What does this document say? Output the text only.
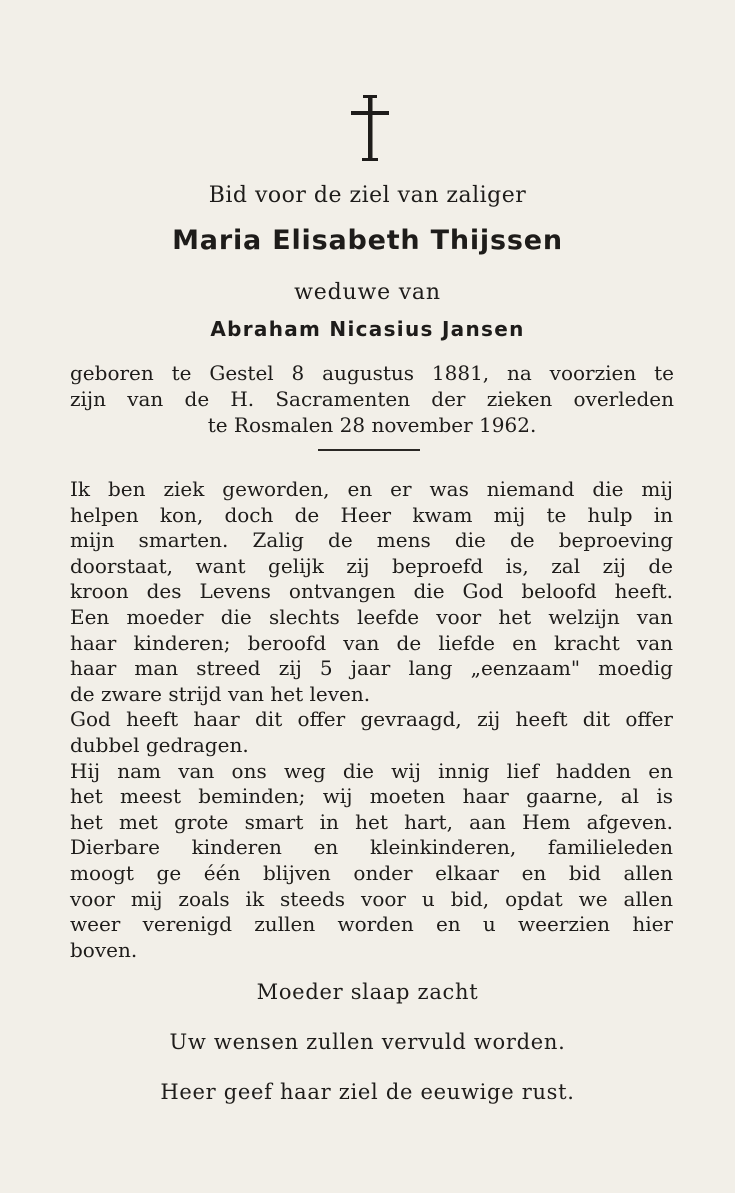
Bid voor de ziel van zaliger
Maria Elisabeth Thijssen
weduwe van
Abraham Nicasius Jansen
geboren te Gestel 8 augustus 1881, na voorzien te
zijn van de H. Sacramenten der zieken overleden
te Rosmalen 28 november 1962.
Ik ben ziek geworden, en er was niemand die mij
helpen kon, doch de Heer kwam mij te hulp in
mijn smarten. Zalig de mens die de beproeving
doorstaat, want gelijk zij beproefd is, zal zij de
kroon des Levens ontvangen die God beloofd heeft.
Een moeder die slechts leefde voor het welzijn van
haar kinderen; beroofd van de liefde en kracht van
haar man streed zij 5 jaar lang „eenzaam" moedig
de zware strijd van het leven.
God heeft haar dit offer gevraagd, zij heeft dit offer
dubbel gedragen.
Hij nam van ons weg die wij innig lief hadden en
het meest beminden; wij moeten haar gaarne, al is
het met grote smart in het hart, aan Hem afgeven.
Dierbare kinderen en kleinkinderen, familieleden
moogt ge één blijven onder elkaar en bid allen
voor mij zoals ik steeds voor u bid, opdat we allen
weer verenigd zullen worden en u weerzien hier
boven.
Moeder slaap zacht
Uw wensen zullen vervuld worden.
Heer geef haar ziel de eeuwige rust.
